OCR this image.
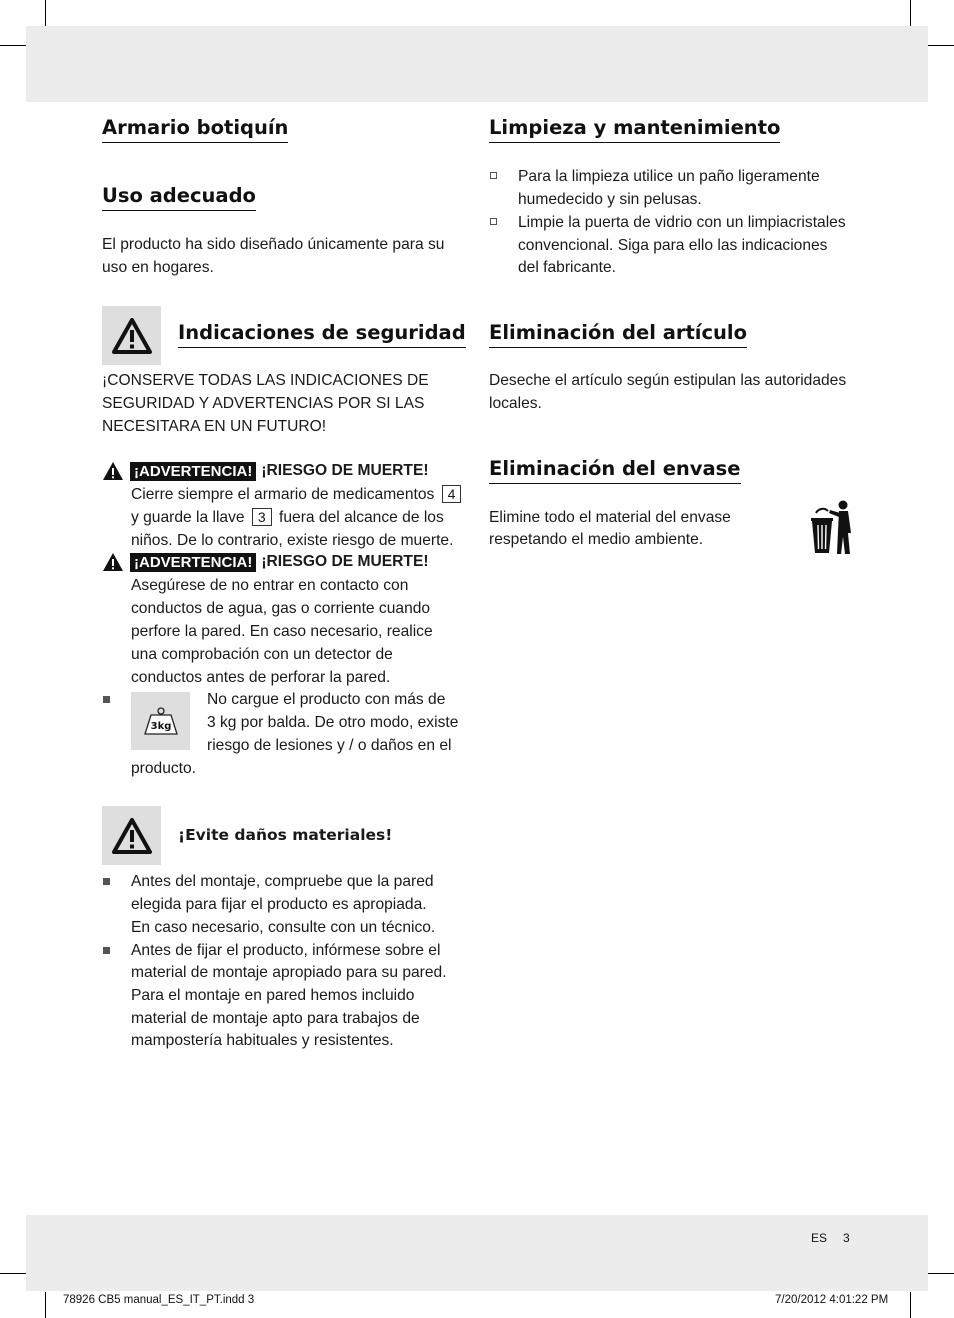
Armario botiquín
Uso adecuado

El producto ha sido diseñado únicamente para su

uso en hogares.

Indicaciones de seguridad

¡CONSERVE TODAS LAS INDICACIONES DE

SEGURIDAD Y ADVERTENCIAS POR SI LAS

NECESITARA EN UN FUTURO!

¡ADVERTENCIA! ¡RIESGO DE MUERTE!

Cierre siempre el armario de medicamentos 4

y guarde la llave 3 fuera del alcance de los

niños. De lo contrario, existe riesgo de muerte.

¡ADVERTENCIA! ¡RIESGO DE MUERTE!

Asegúrese de no entrar en contacto con

conductos de agua, gas o corriente cuando

perfore la pared. En caso necesario, realice

una comprobación con un detector de

conductos antes de perforar la pared.

3kg

No cargue el producto con más de

3 kg por balda. De otro modo, existe

riesgo de lesiones y / o daños en el

producto.

¡Evite daños materiales!

Antes del montaje, compruebe que la pared

elegida para fijar el producto es apropiada.

En caso necesario, consulte con un técnico.

Antes de fijar el producto, infórmese sobre el

material de montaje apropiado para su pared.

Para el montaje en pared hemos incluido

material de montaje apto para trabajos de

mampostería habituales y resistentes.

Limpieza y mantenimiento

Para la limpieza utilice un paño ligeramente

humedecido y sin pelusas.

Limpie la puerta de vidrio con un limpiacristales

convencional. Siga para ello las indicaciones

del fabricante.

Eliminación del artículo

Deseche el artículo según estipulan las autoridades

locales.

Eliminación del envase

Elimine todo el material del envase

respetando el medio ambiente.

ES 3
78926 CB5 manual_ES_IT_PT.indd 3	7/20/2012 4:01:22 PM
